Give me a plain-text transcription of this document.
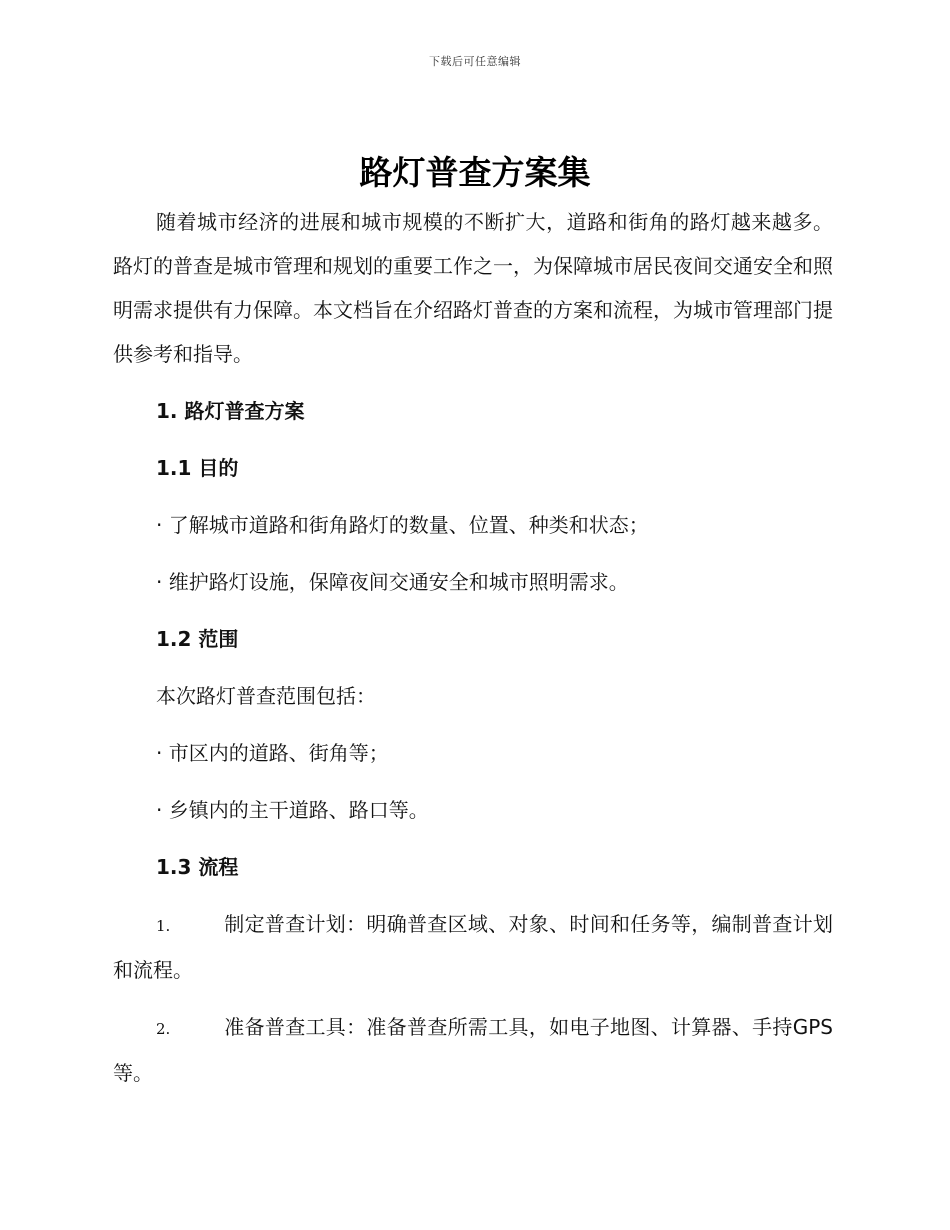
下载后可任意编辑
路灯普查方案集

随着城市经济的进展和城市规模的不断扩大，道路和街角的路灯越来越多。路灯的普查是城市管理和规划的重要工作之一，为保障城市居民夜间交通安全和照明需求提供有力保障。本文档旨在介绍路灯普查的方案和流程，为城市管理部门提供参考和指导。

1. 路灯普查方案
1.1 目的
· 了解城市道路和街角路灯的数量、位置、种类和状态；
· 维护路灯设施，保障夜间交通安全和城市照明需求。
1.2 范围
本次路灯普查范围包括：
· 市区内的道路、街角等；
· 乡镇内的主干道路、路口等。
1.3 流程

1.	制定普查计划：明确普查区域、对象、时间和任务等，编制普查计划和流程。

2.	准备普查工具：准备普查所需工具，如电子地图、计算器、手持GPS等。
